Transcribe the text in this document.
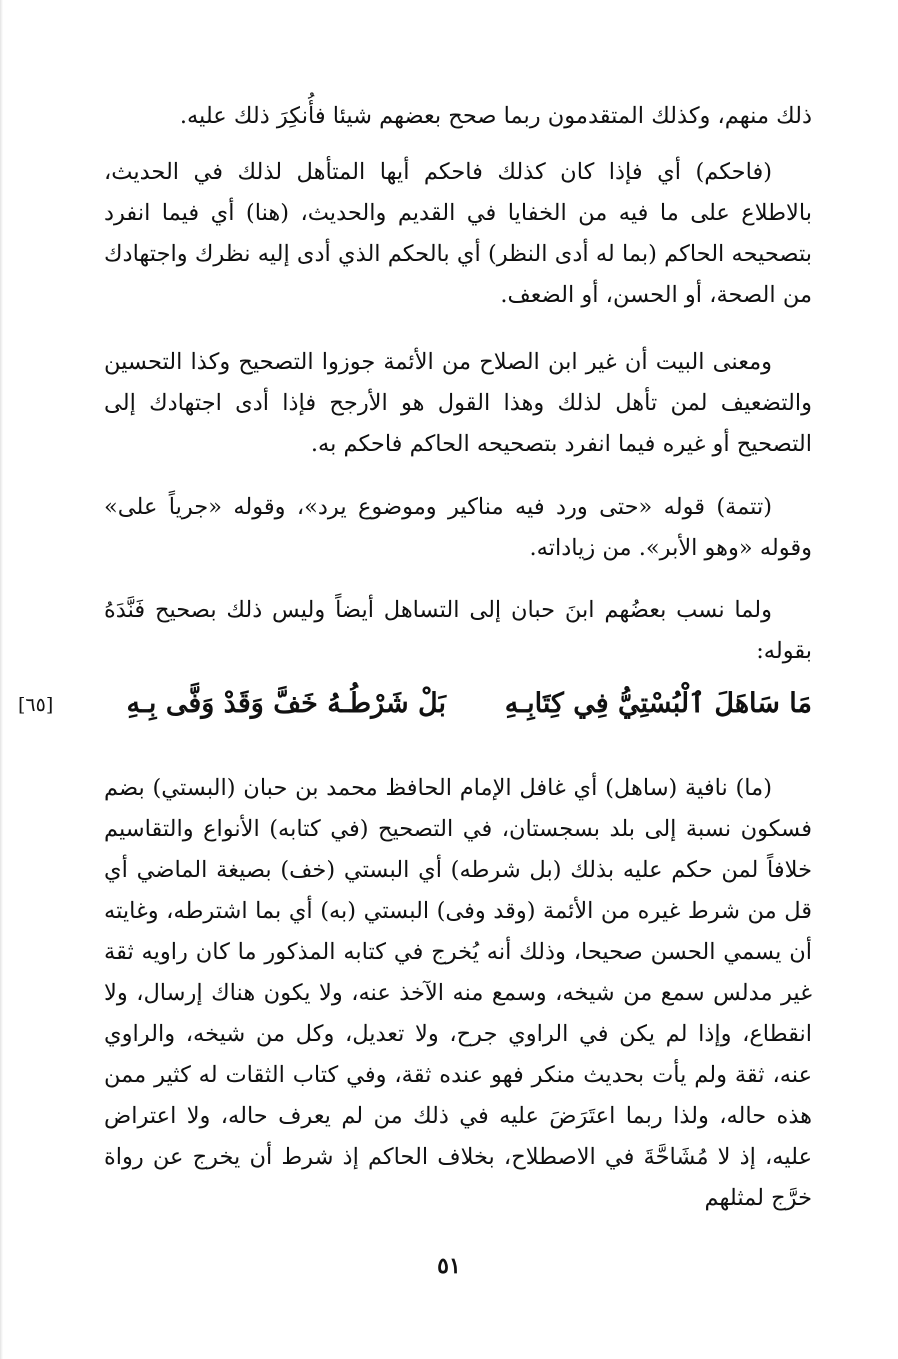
ذلك منهم، وكذلك المتقدمون ربما صحح بعضهم شيئا فأُنكِرَ ذلك عليه.

(فاحكم) أي فإذا كان كذلك فاحكم أيها المتأهل لذلك في الحديث، بالاطلاع على ما فيه من الخفايا في القديم والحديث، (هنا) أي فيما انفرد بتصحيحه الحاكم (بما له أدى النظر) أي بالحكم الذي أدى إليه نظرك واجتهادك من الصحة، أو الحسن، أو الضعف.

ومعنى البيت أن غير ابن الصلاح من الأئمة جوزوا التصحيح وكذا التحسين والتضعيف لمن تأهل لذلك وهذا القول هو الأرجح فإذا أدى اجتهادك إلى التصحيح أو غيره فيما انفرد بتصحيحه الحاكم فاحكم به.

(تتمة) قوله «حتى ورد فيه مناكير وموضوع يرد»، وقوله «جرياً على» وقوله «وهو الأبر». من زياداته.

ولما نسب بعضُهم ابنَ حبان إلى التساهل أيضاً وليس ذلك بصحيح فَنَّدَهُ بقوله:

مَا سَاهَلَ ٱلْبُسْتِيُّ فِي كِتَابِـهِ
بَلْ شَرْطُـهُ خَفَّ وَقَدْ وَفَّى بِـهِ
[٦٥]

(ما) نافية (ساهل) أي غافل الإمام الحافظ محمد بن حبان (البستي) بضم فسكون نسبة إلى بلد بسجستان، في التصحيح (في كتابه) الأنواع والتقاسيم خلافاً لمن حكم عليه بذلك (بل شرطه) أي البستي (خف) بصيغة الماضي أي قل من شرط غيره من الأئمة (وقد وفى) البستي (به) أي بما اشترطه، وغايته أن يسمي الحسن صحيحا، وذلك أنه يُخرج في كتابه المذكور ما كان راويه ثقة غير مدلس سمع من شيخه، وسمع منه الآخذ عنه، ولا يكون هناك إرسال، ولا انقطاع، وإذا لم يكن في الراوي جرح، ولا تعديل، وكل من شيخه، والراوي عنه، ثقة ولم يأت بحديث منكر فهو عنده ثقة، وفي كتاب الثقات له كثير ممن هذه حاله، ولذا ربما اعتَرَضَ عليه في ذلك من لم يعرف حاله، ولا اعتراض عليه، إذ لا مُشَاحَّةَ في الاصطلاح، بخلاف الحاكم إذ شرط أن يخرج عن رواة خرَّج لمثلهم

٥١
